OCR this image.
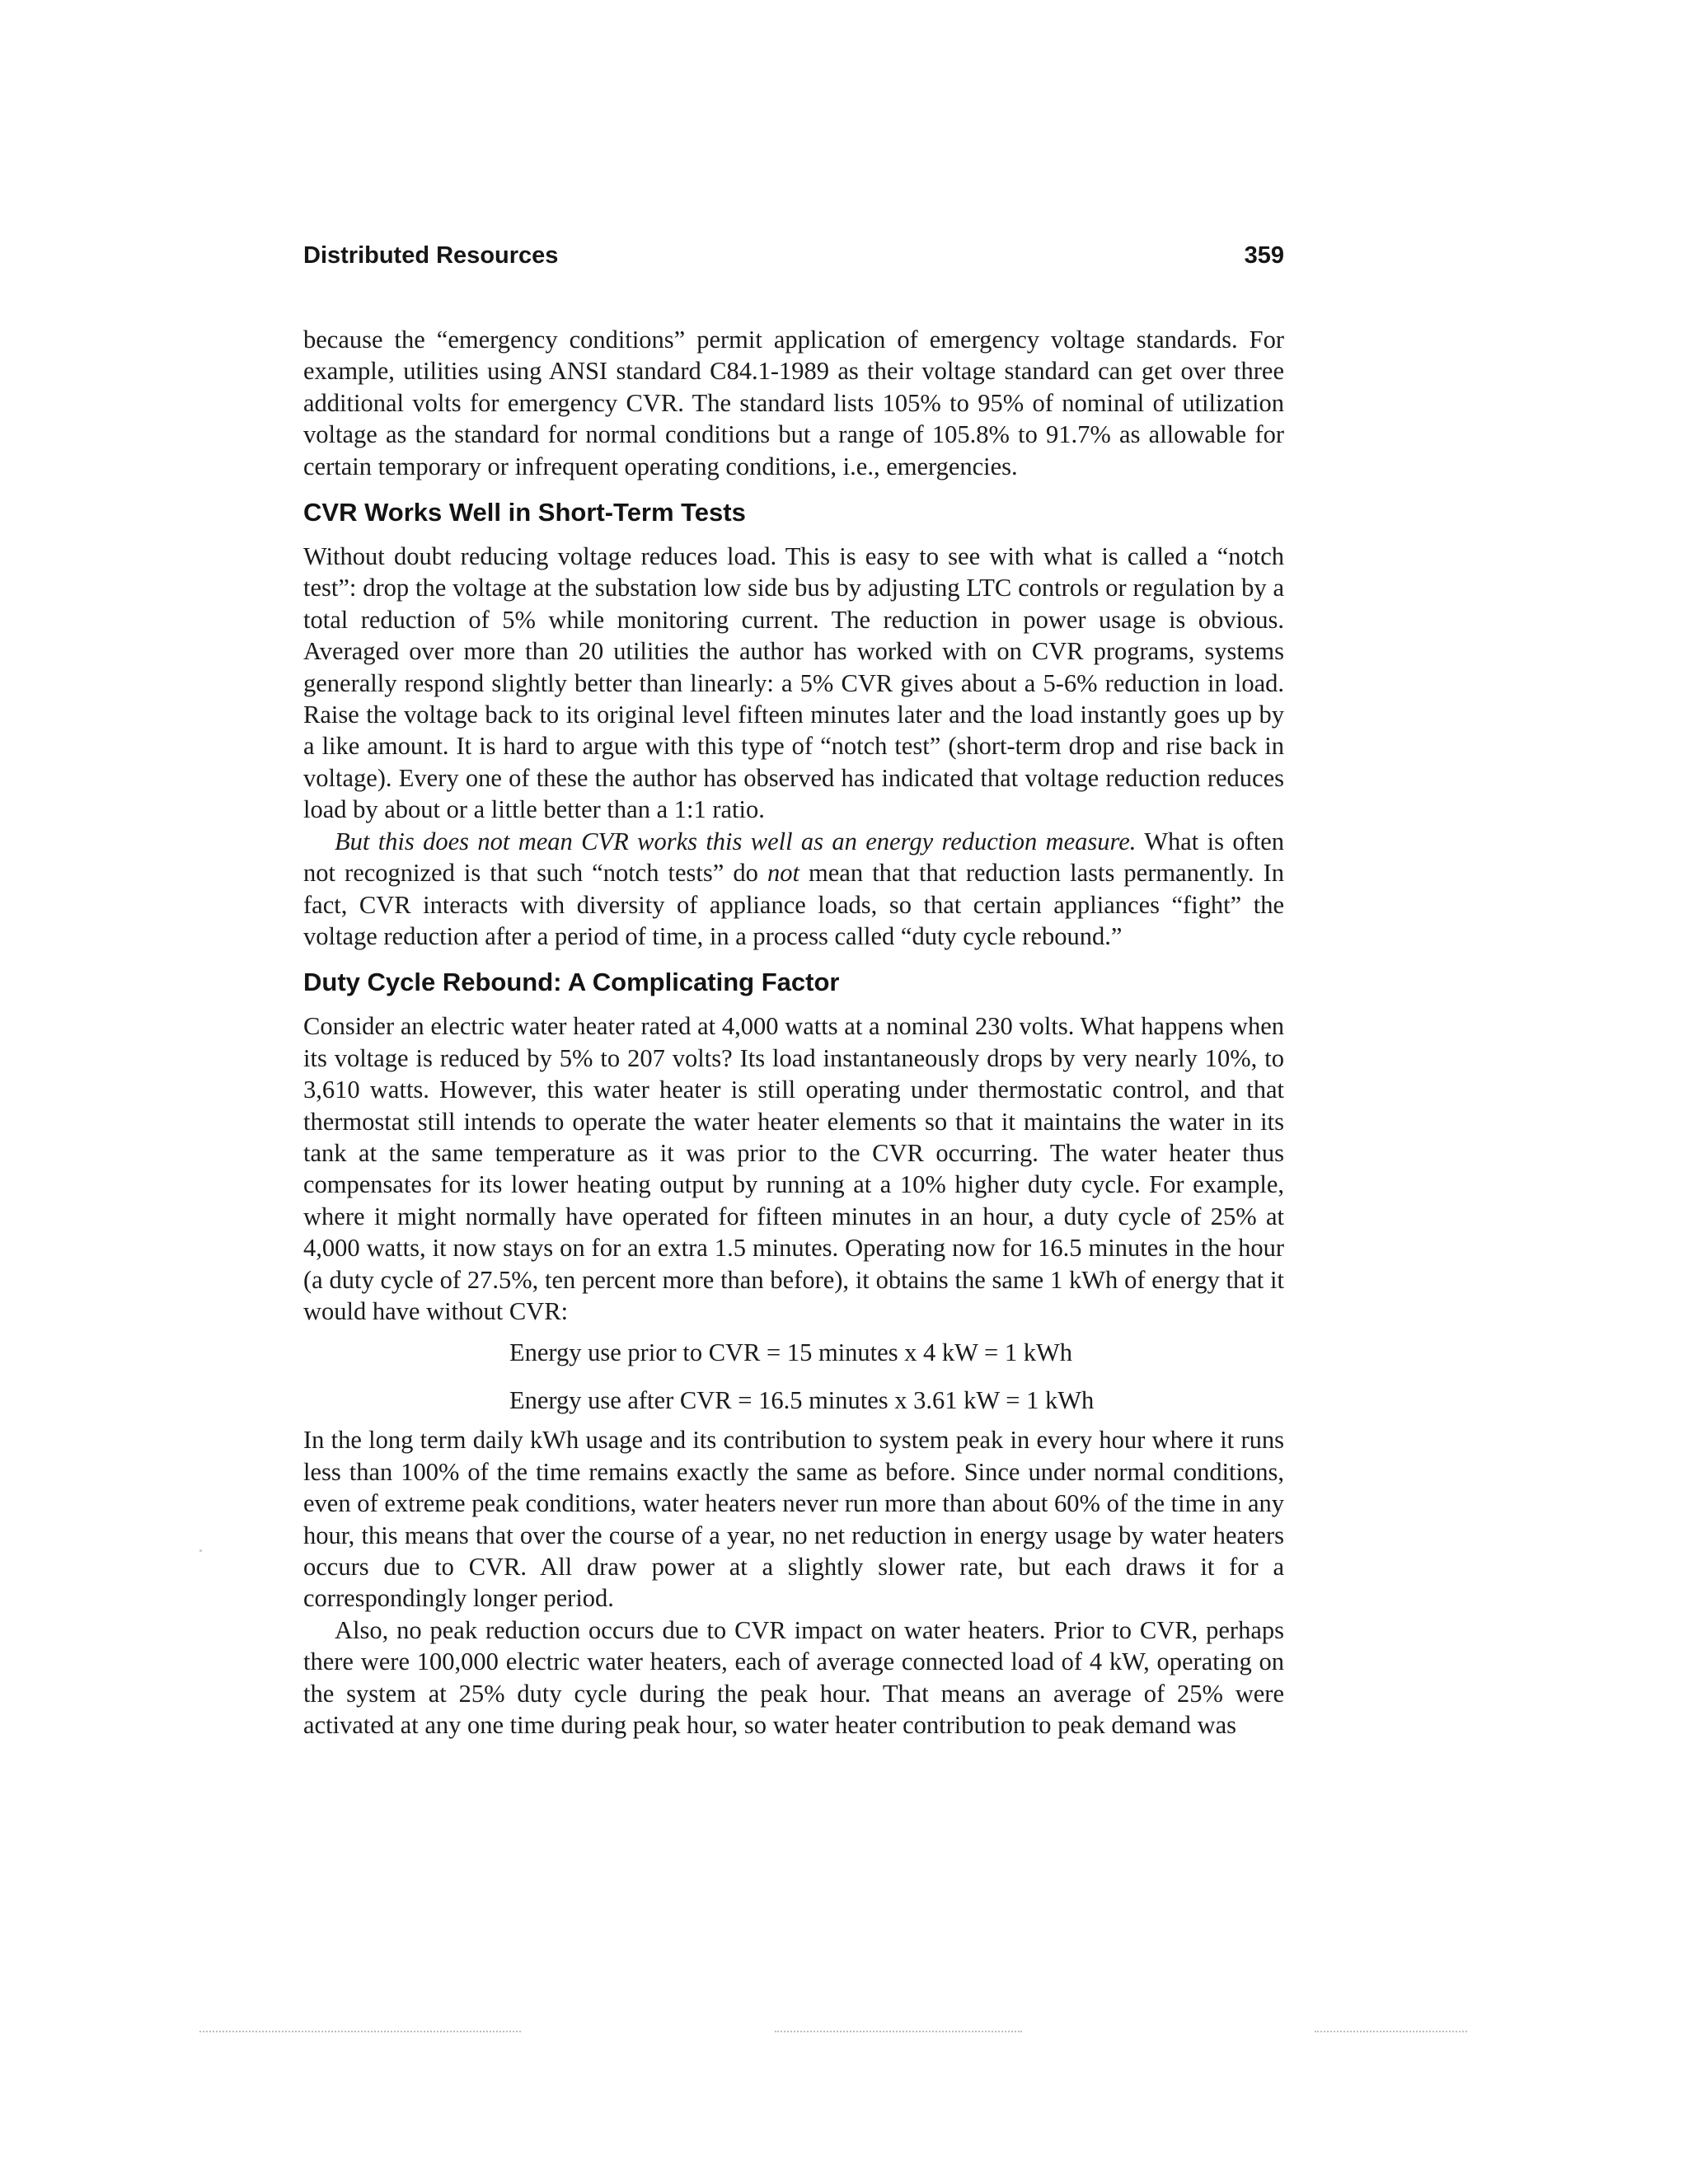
Distributed Resources	359

because the “emergency conditions” permit application of emergency voltage standards. For example, utilities using ANSI standard C84.1-1989 as their voltage standard can get over three additional volts for emergency CVR. The standard lists 105% to 95% of nominal of utilization voltage as the standard for normal conditions but a range of 105.8% to 91.7% as allowable for certain temporary or infrequent operating conditions, i.e., emergencies.

CVR Works Well in Short-Term Tests

Without doubt reducing voltage reduces load. This is easy to see with what is called a “notch test”: drop the voltage at the substation low side bus by adjusting LTC controls or regulation by a total reduction of 5% while monitoring current. The reduction in power usage is obvious. Averaged over more than 20 utilities the author has worked with on CVR programs, systems generally respond slightly better than linearly: a 5% CVR gives about a 5-6% reduction in load. Raise the voltage back to its original level fifteen minutes later and the load instantly goes up by a like amount. It is hard to argue with this type of “notch test” (short-term drop and rise back in voltage). Every one of these the author has observed has indicated that voltage reduction reduces load by about or a little better than a 1:1 ratio.

But this does not mean CVR works this well as an energy reduction measure. What is often not recognized is that such “notch tests” do not mean that that reduction lasts permanently. In fact, CVR interacts with diversity of appliance loads, so that certain appliances “fight” the voltage reduction after a period of time, in a process called “duty cycle rebound.”

Duty Cycle Rebound: A Complicating Factor

Consider an electric water heater rated at 4,000 watts at a nominal 230 volts. What happens when its voltage is reduced by 5% to 207 volts? Its load instantaneously drops by very nearly 10%, to 3,610 watts. However, this water heater is still operating under thermostatic control, and that thermostat still intends to operate the water heater elements so that it maintains the water in its tank at the same temperature as it was prior to the CVR occurring. The water heater thus compensates for its lower heating output by running at a 10% higher duty cycle. For example, where it might normally have operated for fifteen minutes in an hour, a duty cycle of 25% at 4,000 watts, it now stays on for an extra 1.5 minutes. Operating now for 16.5 minutes in the hour (a duty cycle of 27.5%, ten percent more than before), it obtains the same 1 kWh of energy that it would have without CVR:

Energy use prior to CVR = 15 minutes x 4 kW = 1 kWh
Energy use after CVR = 16.5 minutes x 3.61 kW = 1 kWh

In the long term daily kWh usage and its contribution to system peak in every hour where it runs less than 100% of the time remains exactly the same as before. Since under normal conditions, even of extreme peak conditions, water heaters never run more than about 60% of the time in any hour, this means that over the course of a year, no net reduction in energy usage by water heaters occurs due to CVR. All draw power at a slightly slower rate, but each draws it for a correspondingly longer period.

Also, no peak reduction occurs due to CVR impact on water heaters. Prior to CVR, perhaps there were 100,000 electric water heaters, each of average connected load of 4 kW, operating on the system at 25% duty cycle during the peak hour. That means an average of 25% were activated at any one time during peak hour, so water heater contribution to peak demand was
